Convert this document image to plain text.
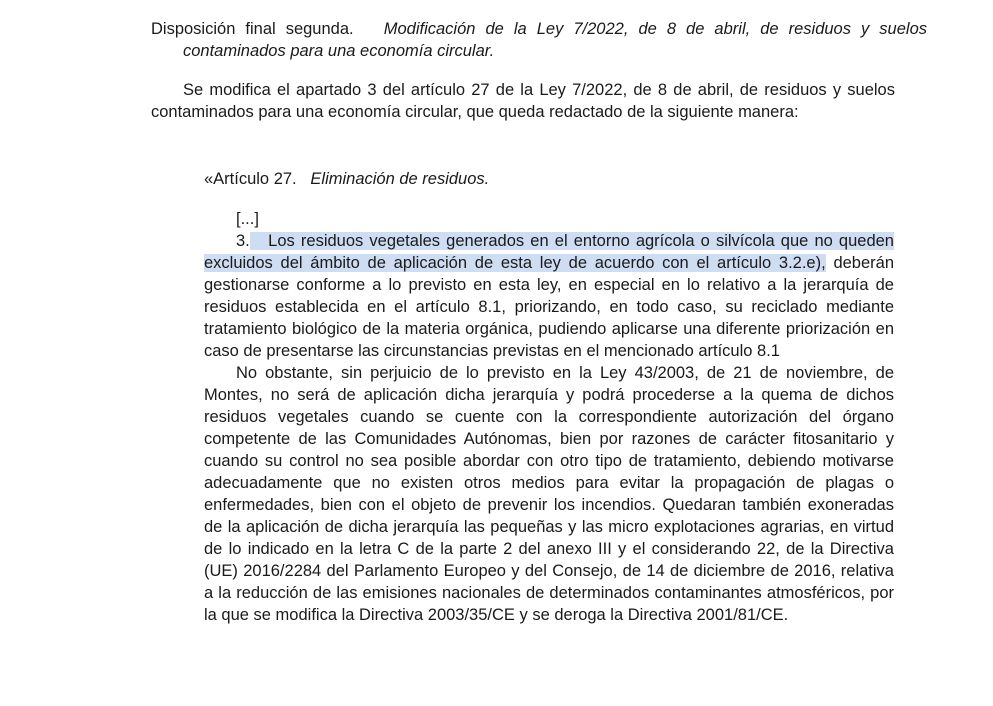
Disposición final segunda. Modificación de la Ley 7/2022, de 8 de abril, de residuos y suelos contaminados para una economía circular.

Se modifica el apartado 3 del artículo 27 de la Ley 7/2022, de 8 de abril, de residuos y suelos contaminados para una economía circular, que queda redactado de la siguiente manera:

«Artículo 27. Eliminación de residuos.
[...]

3. Los residuos vegetales generados en el entorno agrícola o silvícola que no queden excluidos del ámbito de aplicación de esta ley de acuerdo con el artículo 3.2.e), deberán gestionarse conforme a lo previsto en esta ley, en especial en lo relativo a la jerarquía de residuos establecida en el artículo 8.1, priorizando, en todo caso, su reciclado mediante tratamiento biológico de la materia orgánica, pudiendo aplicarse una diferente priorización en caso de presentarse las circunstancias previstas en el mencionado artículo 8.1

No obstante, sin perjuicio de lo previsto en la Ley 43/2003, de 21 de noviembre, de Montes, no será de aplicación dicha jerarquía y podrá procederse a la quema de dichos residuos vegetales cuando se cuente con la correspondiente autorización del órgano competente de las Comunidades Autónomas, bien por razones de carácter fitosanitario y cuando su control no sea posible abordar con otro tipo de tratamiento, debiendo motivarse adecuadamente que no existen otros medios para evitar la propagación de plagas o enfermedades, bien con el objeto de prevenir los incendios. Quedaran también exoneradas de la aplicación de dicha jerarquía las pequeñas y las micro explotaciones agrarias, en virtud de lo indicado en la letra C de la parte 2 del anexo III y el considerando 22, de la Directiva (UE) 2016/2284 del Parlamento Europeo y del Consejo, de 14 de diciembre de 2016, relativa a la reducción de las emisiones nacionales de determinados contaminantes atmosféricos, por la que se modifica la Directiva 2003/35/CE y se deroga la Directiva 2001/81/CE.
